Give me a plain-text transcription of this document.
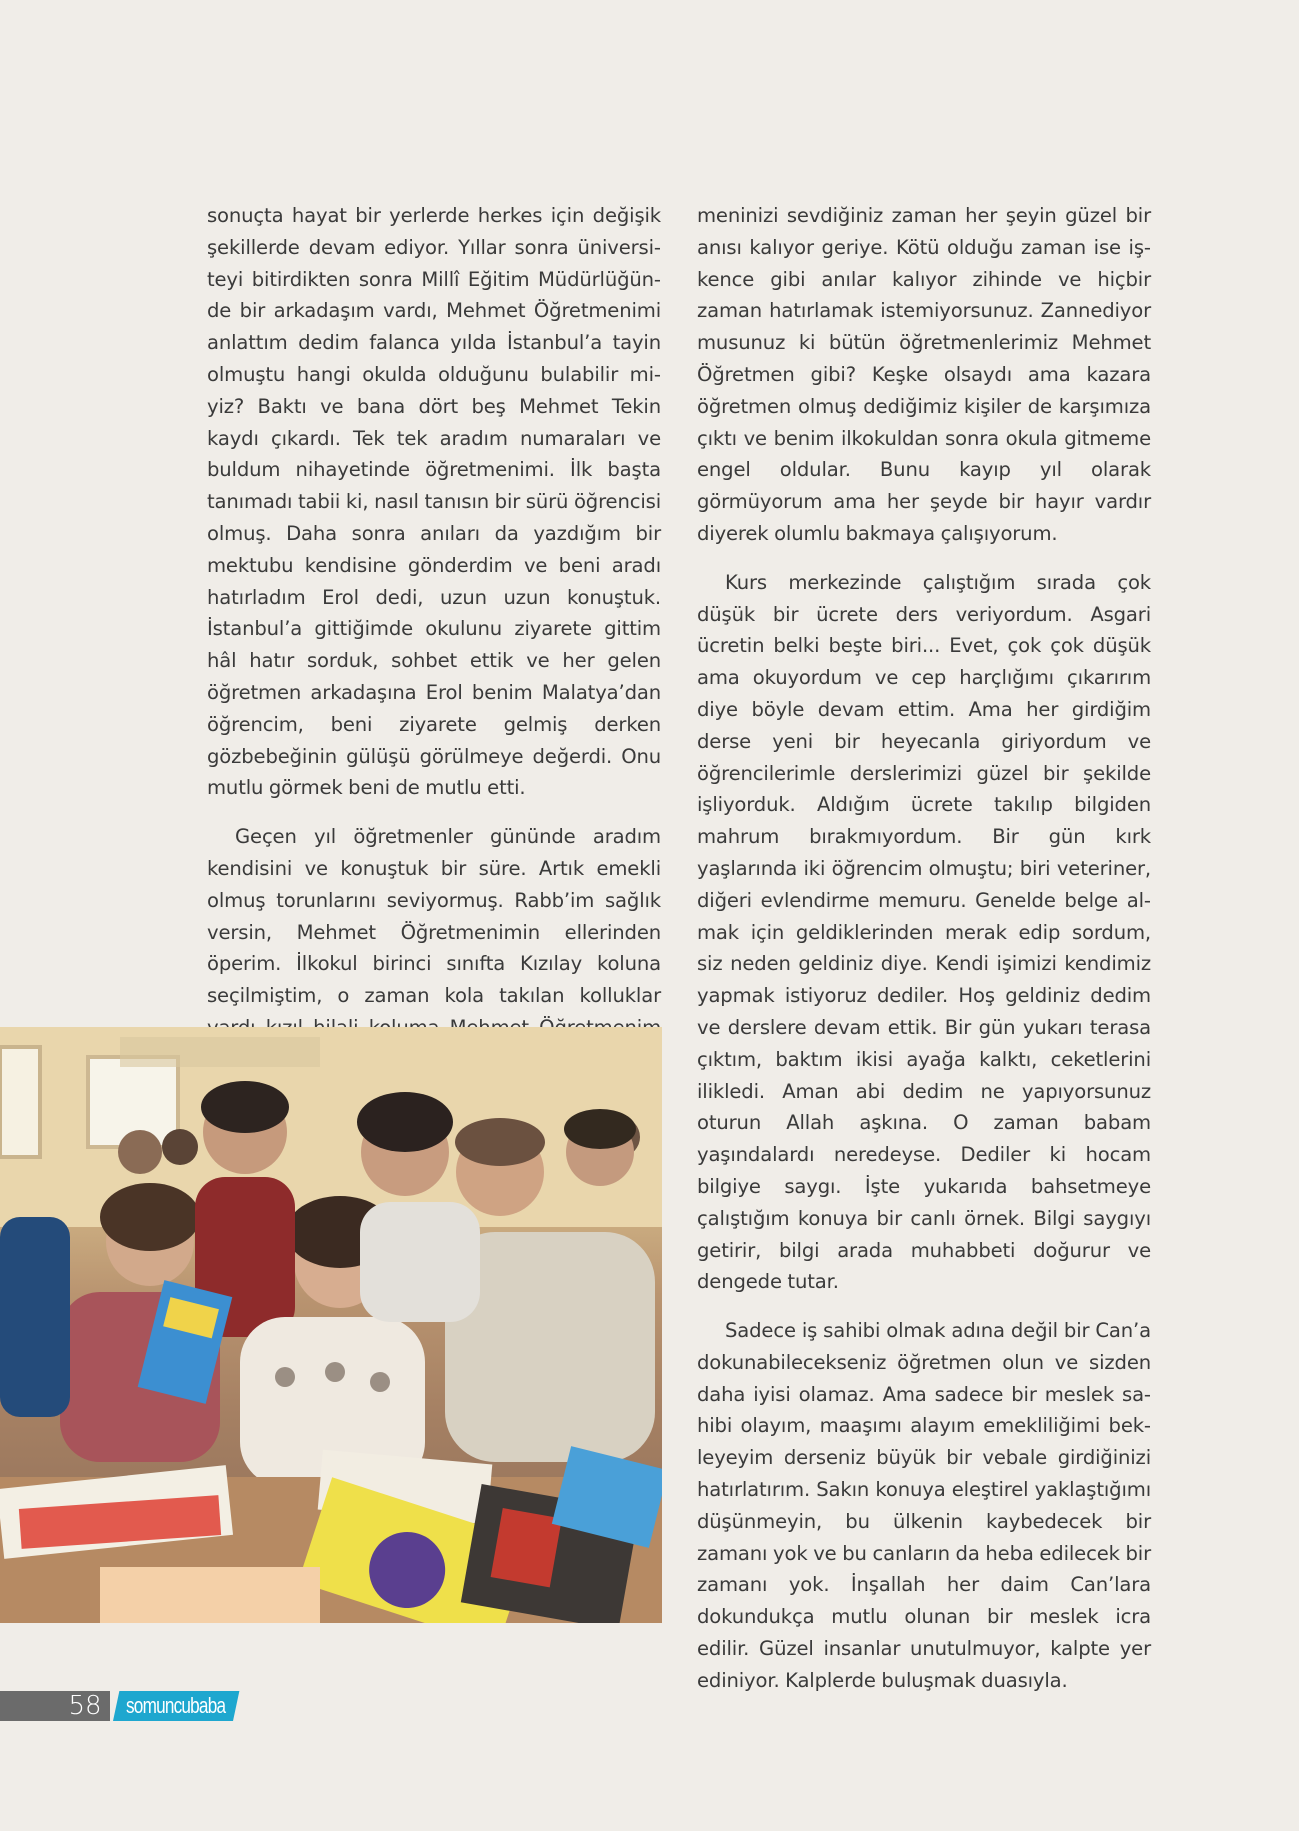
sonuçta hayat bir yerlerde herkes için değişik şekillerde devam ediyor. Yıllar sonra üniversiteyi bitirdikten sonra Millî Eğitim Müdürlüğünde bir arkadaşım vardı, Mehmet Öğretmenimi anlattım dedim falanca yılda İstanbul’a tayin olmuştu hangi okulda olduğunu bulabilir miyiz? Baktı ve bana dört beş Mehmet Tekin kaydı çıkardı. Tek tek aradım numaraları ve buldum nihayetinde öğretmenimi. İlk başta tanımadı tabii ki, nasıl tanısın bir sürü öğrencisi olmuş. Daha sonra anıları da yazdığım bir mektubu kendisine gönderdim ve beni aradı hatırladım Erol dedi, uzun uzun konuştuk. İstanbul’a gittiğimde okulunu ziyarete gittim hâl hatır sorduk, sohbet ettik ve her gelen öğretmen arkadaşına Erol benim Malatya’dan öğrencim, beni ziyarete gelmiş derken gözbebeğinin gülüşü görülmeye değerdi. Onu mutlu görmek beni de mutlu etti.

Geçen yıl öğretmenler gününde aradım kendisini ve konuştuk bir süre. Artık emekli olmuş torunlarını seviyormuş. Rabb’im sağlık versin, Mehmet Öğretmenimin ellerinden öperim. İlkokul birinci sınıfta Kızılay koluna seçilmiştim, o zaman kola takılan kolluklar

meninizi sevdiğiniz zaman her şeyin güzel bir anısı kalıyor geriye. Kötü olduğu zaman ise işkence gibi anılar kalıyor zihinde ve hiçbir zaman hatırlamak istemiyorsunuz. Zannediyor musunuz ki bütün öğretmenlerimiz Mehmet Öğretmen gibi? Keşke olsaydı ama kazara öğretmen olmuş dediğimiz kişiler de karşımıza çıktı ve benim ilkokuldan sonra okula gitmeme engel oldular. Bunu kayıp yıl olarak görmüyorum ama her şeyde bir hayır vardır diyerek olumlu bakmaya çalışıyorum.

Kurs merkezinde çalıştığım sırada çok düşük bir ücrete ders veriyordum. Asgari ücretin belki beşte biri... Evet, çok çok düşük ama okuyordum ve cep harçlığımı çıkarırım diye böyle devam ettim. Ama her girdiğim derse yeni bir heyecanla giriyordum ve öğrencilerimle derslerimizi güzel bir şekilde işliyorduk. Aldığım ücrete takılıp bilgiden mahrum bırakmıyordum. Bir gün kırk yaşlarında iki öğrencim olmuştu; biri veteriner, diğeri evlendirme memuru. Genelde belge almak için geldiklerinden merak edip sordum, siz neden geldiniz diye. Kendi işimizi kendimiz yapmak istiyoruz dediler. Hoş geldiniz dedim ve derslere devam ettik. Bir gün yukarı terasa çıktım, baktım ikisi ayağa kalktı, ceketlerini ilikledi. Aman abi dedim ne yapıyorsunuz oturun Allah aşkına. O zaman babam yaşındalardı neredeyse. Dediler ki hocam bilgiye saygı. İşte yukarıda bahsetmeye çalıştığım konuya bir canlı örnek. Bilgi saygıyı getirir, bilgi arada muhabbeti doğurur ve dengede tutar.

Sadece iş sahibi olmak adına değil bir Can’a dokunabilecekseniz öğretmen olun ve sizden daha iyisi olamaz. Ama sadece bir meslek sahibi olayım, maaşımı alayım emekliliğimi bekleyeyim derseniz büyük bir vebale girdiğinizi hatırlatırım. Sakın konuya eleştirel yaklaştığımı düşünmeyin, bu ülkenin kaybedecek bir zamanı yok ve bu canların da heba edilecek bir zamanı yok. İnşallah her daim Can’lara dokundukça mutlu olunan bir meslek icra edilir. Güzel insanlar unutulmuyor, kalpte yer ediniyor. Kalplerde buluşmak duasıyla.

58	somuncubaba
